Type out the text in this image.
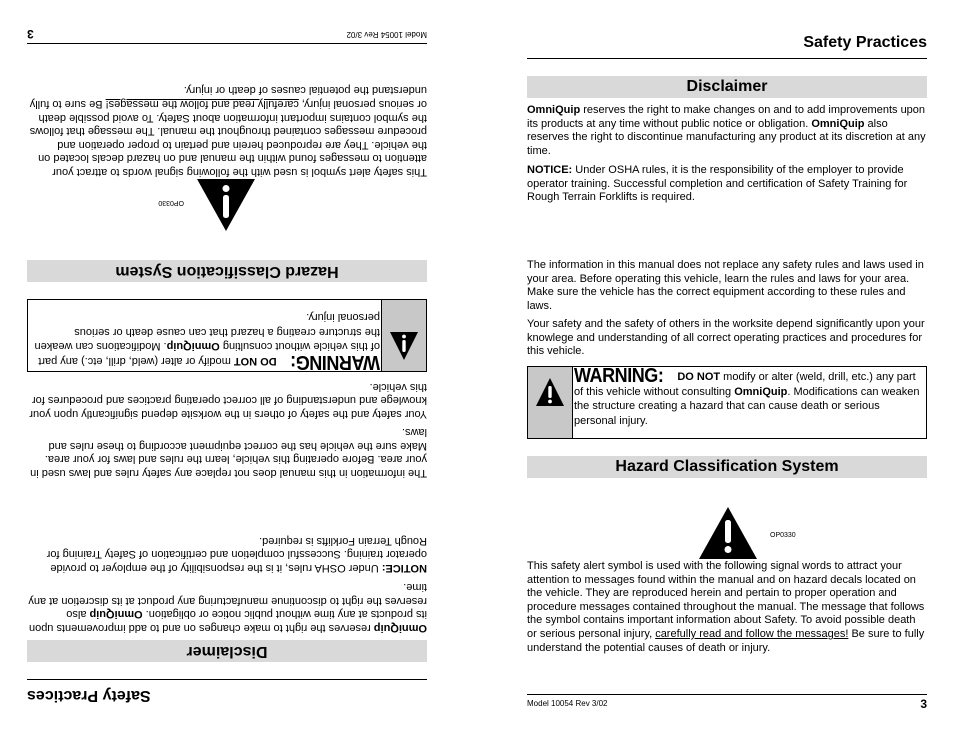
Safety Practices
Disclaimer
OmniQuip reserves the right to make changes on and to add improvements upon its products at any time without public notice or obligation. OmniQuip also reserves the right to discontinue manufacturing any product at its discretion at any time.
NOTICE: Under OSHA rules, it is the responsibility of the employer to provide operator training. Successful completion and certification of Safety Training for Rough Terrain Forklifts is required.
The information in this manual does not replace any safety rules and laws used in your area. Before operating this vehicle, learn the rules and laws for your area. Make sure the vehicle has the correct equipment according to these rules and laws.
Your safety and the safety of others in the worksite depend significantly upon your knowlege and understanding of all correct operating practices and procedures for this vehicle.
WARNING:DO NOT modify or alter (weld, drill, etc.) any part of this vehicle without consulting OmniQuip. Modifications can weaken the structure creating a hazard that can cause death or serious personal injury.
Hazard Classification System
OP0330
This safety alert symbol is used with the following signal words to attract your attention to messages found within the manual and on hazard decals located on the vehicle. They are reproduced herein and pertain to proper operation and procedure messages contained throughout the manual. The message that follows the symbol contains important information about Safety. To avoid possible death or serious personal injury, carefully read and follow the messages! Be sure to fully understand the potential causes of death or injury.
Model 10054 Rev 3/02
3	Safety Practices
Disclaimer
OmniQuip reserves the right to make changes on and to add improvements upon its products at any time without public notice or obligation. OmniQuip also reserves the right to discontinue manufacturing any product at its discretion at any time.
NOTICE: Under OSHA rules, it is the responsibility of the employer to provide operator training. Successful completion and certification of Safety Training for Rough Terrain Forklifts is required.
The information in this manual does not replace any safety rules and laws used in your area. Before operating this vehicle, learn the rules and laws for your area. Make sure the vehicle has the correct equipment according to these rules and laws.
Your safety and the safety of others in the worksite depend significantly upon your knowlege and understanding of all correct operating practices and procedures for this vehicle.
WARNING: DO NOT modify or alter (weld, drill, etc.) any part of this vehicle without consulting OmniQuip. Modifications can weaken the structure creating a hazard that can cause death or serious personal injury.
Hazard Classification System
OP0330
This safety alert symbol is used with the following signal words to attract your attention to messages found within the manual and on hazard decals located on the vehicle. They are reproduced herein and pertain to proper operation and procedure messages contained throughout the manual. The message that follows the symbol contains important information about Safety. To avoid possible death or serious personal injury, carefully read and follow the messages! Be sure to fully understand the potential causes of death or injury.
Model 10054 Rev 3/02	3
